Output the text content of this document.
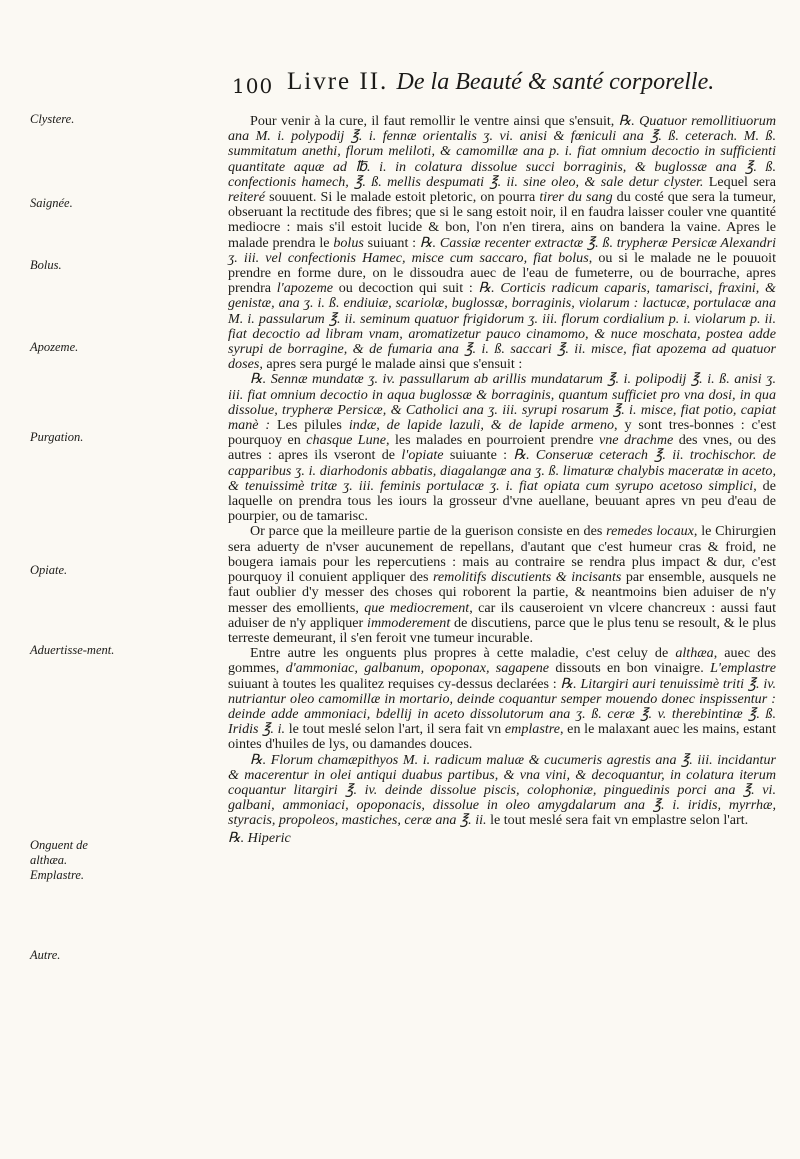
100 Livre II. De la Beauté & santé corporelle.
Clystere.
Saignée.
Bolus.
Apozeme.
Purgation.
Opiate.
Aduertisse-ment.
Onguent de althæa.
Emplastre.
Autre.

Pour venir à la cure, il faut remollir le ventre ainsi que s'ensuit, ℞. Quatuor remollitiuorum ana M. i. polypodij ℥. i. fennæ orientalis ʒ. vi. anisi & fœniculi ana ℥. ß. ceterach. M. ß. summitatum anethi, florum meliloti, & camomillæ ana p. i. fiat omnium decoctio in sufficienti quantitate aquæ ad ℔. i. in colatura dissolue succi borraginis, & buglossæ ana ℥. ß. confectionis hamech, ℥. ß. mellis despumati ℥. ii. sine oleo, & sale detur clyster. Lequel sera reiteré souuent. Si le malade estoit pletoric, on pourra tirer du sang du costé que sera la tumeur, obseruant la rectitude des fibres; que si le sang estoit noir, il en faudra laisser couler vne quantité mediocre : mais s'il estoit lucide & bon, l'on n'en tirera, ains on bandera la vaine. Apres le malade prendra le bolus suiuant : ℞. Cassiæ recenter extractæ ℥. ß. trypheræ Persicæ Alexandri ʒ. iii. vel confectionis Hamec, misce cum saccaro, fiat bolus, ou si le malade ne le pouuoit prendre en forme dure, on le dissoudra auec de l'eau de fumeterre, ou de bourrache, apres prendra l'apozeme ou decoction qui suit : ℞. Corticis radicum caparis, tamarisci, fraxini, & genistæ, ana ʒ. i. ß. endiuiæ, scariolæ, buglossæ, borraginis, violarum : lactucæ, portulacæ ana M. i. passularum ℥. ii. seminum quatuor frigidorum ʒ. iii. florum cordialium p. i. violarum p. ii. fiat decoctio ad libram vnam, aromatizetur pauco cinamomo, & nuce moschata, postea adde syrupi de borragine, & de fumaria ana ℥. i. ß. saccari ℥. ii. misce, fiat apozema ad quatuor doses, apres sera purgé le malade ainsi que s'ensuit :

℞. Sennæ mundatæ ʒ. iv. passullarum ab arillis mundatarum ℥. i. polipodij ℥. i. ß. anisi ʒ. iii. fiat omnium decoctio in aqua buglossæ & borraginis, quantum sufficiet pro vna dosi, in qua dissolue, trypheræ Persicæ, & Catholici ana ʒ. iii. syrupi rosarum ℥. i. misce, fiat potio, capiat manè : Les pilules indæ, de lapide lazuli, & de lapide armeno, y sont tres-bonnes : c'est pourquoy en chasque Lune, les malades en pourroient prendre vne drachme des vnes, ou des autres : apres ils vseront de l'opiate suiuante : ℞. Conseruæ ceterach ℥. ii. trochischor. de capparibus ʒ. i. diarhodonis abbatis, diagalangæ ana ʒ. ß. limaturæ chalybis maceratæ in aceto, & tenuissimè tritæ ʒ. iii. feminis portulacæ ʒ. i. fiat opiata cum syrupo acetoso simplici, de laquelle on prendra tous les iours la grosseur d'vne auellane, beuuant apres vn peu d'eau de pourpier, ou de tamarisc.

Or parce que la meilleure partie de la guerison consiste en des remedes locaux, le Chirurgien sera aduerty de n'vser aucunement de repellans, d'autant que c'est humeur cras & froid, ne bougera iamais pour les repercutiens : mais au contraire se rendra plus impact & dur, c'est pourquoy il conuient appliquer des remolitifs discutients & incisants par ensemble, ausquels ne faut oublier d'y messer des choses qui roborent la partie, & neantmoins bien aduiser de n'y messer des emollients, que mediocrement, car ils causeroient vn vlcere chancreux : aussi faut aduiser de n'y appliquer immoderement de discutiens, parce que le plus tenu se resoult, & le plus terreste demeurant, il s'en feroit vne tumeur incurable.

Entre autre les onguents plus propres à cette maladie, c'est celuy de althæa, auec des gommes, d'ammoniac, galbanum, opoponax, sagapene dissouts en bon vinaigre. L'emplastre suiuant à toutes les qualitez requises cy-dessus declarées : ℞. Litargiri auri tenuissimè triti ℥. iv. nutriantur oleo camomillæ in mortario, deinde coquantur semper mouendo donec inspissentur : deinde adde ammoniaci, bdellij in aceto dissolutorum ana ʒ. ß. ceræ ℥. v. therebintinæ ℥. ß. Iridis ℥. i. le tout meslé selon l'art, il sera fait vn emplastre, en le malaxant auec les mains, estant ointes d'huiles de lys, ou damandes douces.

℞. Florum chamæpithyos M. i. radicum maluæ & cucumeris agrestis ana ℥. iii. incidantur & macerentur in olei antiqui duabus partibus, & vna vini, & decoquantur, in colatura iterum coquantur litargiri ℥. iv. deinde dissolue piscis, colophoniæ, pinguedinis porci ana ℥. vi. galbani, ammoniaci, opoponacis, dissolue in oleo amygdalarum ana ℥. i. iridis, myrrhæ, styracis, propoleos, mastiches, ceræ ana ℥. ii. le tout meslé sera fait vn emplastre selon l'art.

℞. Hiperic
